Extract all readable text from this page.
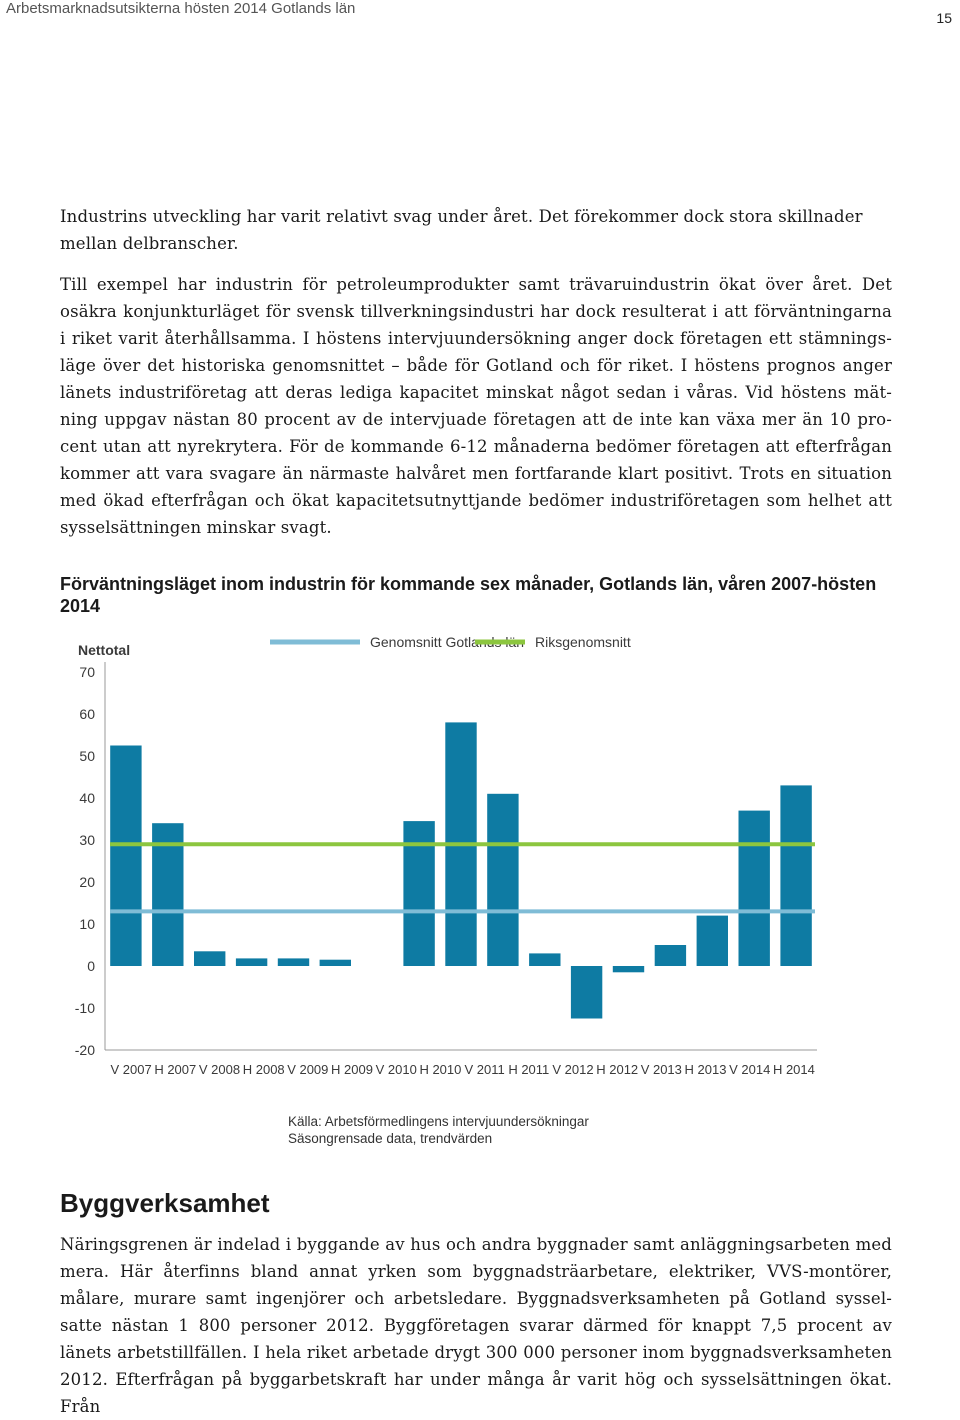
Arbetsmarknadsutsikterna hösten 2014 Gotlands län
15

Industrins utveckling har varit relativt svag under året. Det förekommer dock stora skillnader mellan delbranscher.

Till exempel har industrin för petroleumprodukter samt trävaruindustrin ökat över året. Det osäkra konjunkturläget för svensk tillverkningsindustri har dock resulterat i att förväntningarna i riket varit återhållsamma. I höstens intervjuundersökning anger dock företagen ett stämnings-läge över det historiska genomsnittet – både för Gotland och för riket. I höstens prognos anger länets industriföretag att deras lediga kapacitet minskat något sedan i våras. Vid höstens mät-ning uppgav nästan 80 procent av de intervjuade företagen att de inte kan växa mer än 10 pro-cent utan att nyrekrytera. För de kommande 6-12 månaderna bedömer företagen att efterfrågan kommer att vara svagare än närmaste halvåret men fortfarande klart positivt. Trots en situation med ökad efterfrågan och ökat kapacitetsutnyttjande bedömer industriföretagen som helhet att sysselsättningen minskar svagt.

Förväntningsläget inom industrin för kommande sex månader, Gotlands län, våren 2007-hösten 2014
Nettotal
70
60
50
40
30
20
10
0
-10
-20
Genomsnitt Gotlands län Riksgenomsnitt
V 2007 H 2007 V 2008 H 2008 V 2009 H 2009 V 2010 H 2010 V 2011 H 2011 V 2012 H 2012 V 2013 H 2013 V 2014 H 2014
Källa: Arbetsförmedlingens intervjuundersökningar
Säsongrensade data, trendvärden
Byggverksamhet

Näringsgrenen är indelad i byggande av hus och andra byggnader samt anläggningsarbeten med mera. Här återfinns bland annat yrken som byggnadsträarbetare, elektriker, VVS-montörer, målare, murare samt ingenjörer och arbetsledare. Byggnadsverksamheten på Gotland syssel-satte nästan 1 800 personer 2012. Byggföretagen svarar därmed för knappt 7,5 procent av länets arbetstillfällen. I hela riket arbetade drygt 300 000 personer inom byggnadsverksamheten 2012. Efterfrågan på byggarbetskraft har under många år varit hög och sysselsättningen ökat. Från
